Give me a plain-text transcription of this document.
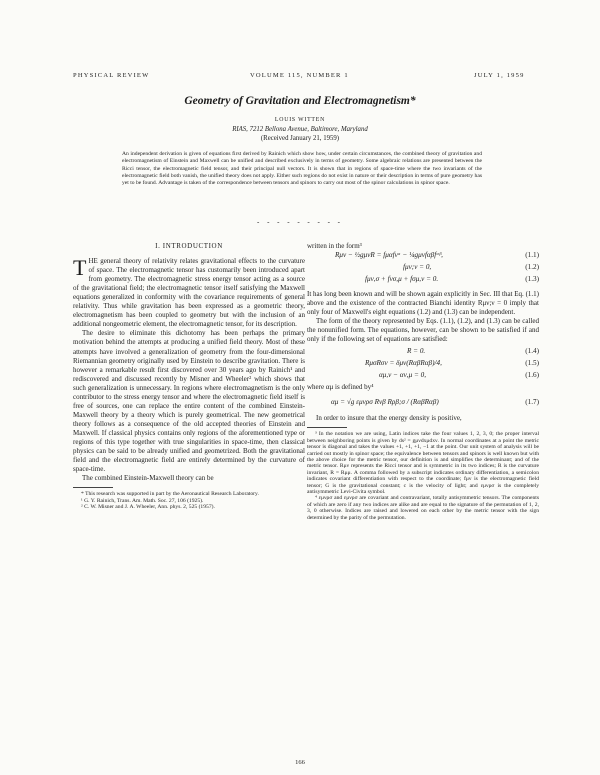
PHYSICAL REVIEW	VOLUME 115, NUMBER 1	JULY 1, 1959
Geometry of Gravitation and Electromagnetism*
LOUIS WITTEN
RIAS, 7212 Bellona Avenue, Baltimore, Maryland
(Received January 21, 1959)

An independent derivation is given of equations first derived by Rainich which show how, under certain circumstances, the combined theory of gravitation and electromagnetism of Einstein and Maxwell can be unified and described exclusively in terms of geometry. Some algebraic relations are presented between the Ricci tensor, the electromagnetic field tensor, and their principal null vectors. It is shown that in regions of space-time where the two invariants of the electromagnetic field both vanish, the unified theory does not apply. Either such regions do not exist in nature or their description in terms of pure geometry has yet to be found. Advantage is taken of the correspondence between tensors and spinors to carry out most of the spinor calculations in spinor space.

- - - - - - - - -
I. INTRODUCTION

THE general theory of relativity relates gravitational effects to the curvature of space. The electromagnetic tensor has customarily been introduced apart from geometry. The electromagnetic stress energy tensor acting as a source of the gravitational field; the electromagnetic tensor itself satisfying the Maxwell equations generalized in conformity with the covariance requirements of general relativity. Thus while gravitation has been expressed as a geometric theory, electromagnetism has been coupled to geometry but with the inclusion of an additional nongeometric element, the electromagnetic tensor, for its description.

The desire to eliminate this dichotomy has been perhaps the primary motivation behind the attempts at producing a unified field theory. Most of these attempts have involved a generalization of geometry from the four-dimensional Riemannian geometry originally used by Einstein to describe gravitation. There is however a remarkable result first discovered over 30 years ago by Rainich¹ and rediscovered and discussed recently by Misner and Wheeler² which shows that such generalization is unnecessary. In regions where electromagnetism is the only contributor to the stress energy tensor and where the electromagnetic field itself is free of sources, one can replace the entire content of the combined Einstein-Maxwell theory by a theory which is purely geometrical. The new geometrical theory follows as a consequence of the old accepted theories of Einstein and Maxwell. If classical physics contains only regions of the aforementioned type or regions of this type together with true singularities in space-time, then classical physics can be said to be already unified and geometrized. Both the gravitational field and the electromagnetic field are entirely determined by the curvature of space-time.

The combined Einstein-Maxwell theory can be

* This research was supported in part by the Aeronautical Research Laboratory.

¹ G. Y. Rainich, Trans. Am. Math. Soc. 27, 106 (1925).

² C. W. Misner and J. A. Wheeler, Ann. phys. 2, 525 (1957).

written in the form³

Rμν − ½gμνR = fμαfνᵅ − ¼gμνfαβfᵅᵝ,	(1.1)
fμν;ν = 0,	(1.2)
fμν,σ + fνσ,μ + fσμ,ν = 0.	(1.3)

It has long been known and will be shown again explicitly in Sec. III that Eq. (1.1) above and the existence of the contracted Bianchi identity Rμν;ν = 0 imply that only four of Maxwell's eight equations (1.2) and (1.3) can be independent.

The form of the theory represented by Eqs. (1.1), (1.2), and (1.3) can be called the nonunified form. The equations, however, can be shown to be satisfied if and only if the following set of equations are satisfied:

R = 0.	(1.4)
RμσRσν = δμν(RαβRαβ)/4,	(1.5)
αμ,ν − αν,μ = 0,	(1.6)

where αμ is defined by⁴

αμ = √g εμνρσ Rνβ Rρβ;σ / (RαβRαβ)	(1.7)

In order to insure that the energy density is positive,

³ In the notation we are using, Latin indices take the four values 1, 2, 3, 0; the proper interval between neighboring points is given by ds² = gμνdxμdxν. In normal coordinates at a point the metric tensor is diagonal and takes the values +1, +1, +1, −1 at the point. Our unit system of analysis will be carried out mostly in spinor space; the equivalence between tensors and spinors is well known but with the above choice for the metric tensor, our definition is and simplifies the determinant; and of the metric tensor. Rμν represents the Ricci tensor and is symmetric in its two indices; R is the curvature invariant, R = Rμμ. A comma followed by a subscript indicates ordinary differentiation, a semicolon indicates covariant differentiation with respect to the coordinate; fμν is the electromagnetic field tensor; G is the gravitational constant; c is the velocity of light; and εμνρσ is the completely antisymmetric Levi-Civita symbol.

⁴ εμνρσ and εμνρσ are covariant and contravariant, totally antisymmetric tensors. The components of which are zero if any two indices are alike and are equal to the signature of the permutation of 1, 2, 3, 0 otherwise. Indices are raised and lowered on each other by the metric tensor with the sign determined by the parity of the permutation.

166
